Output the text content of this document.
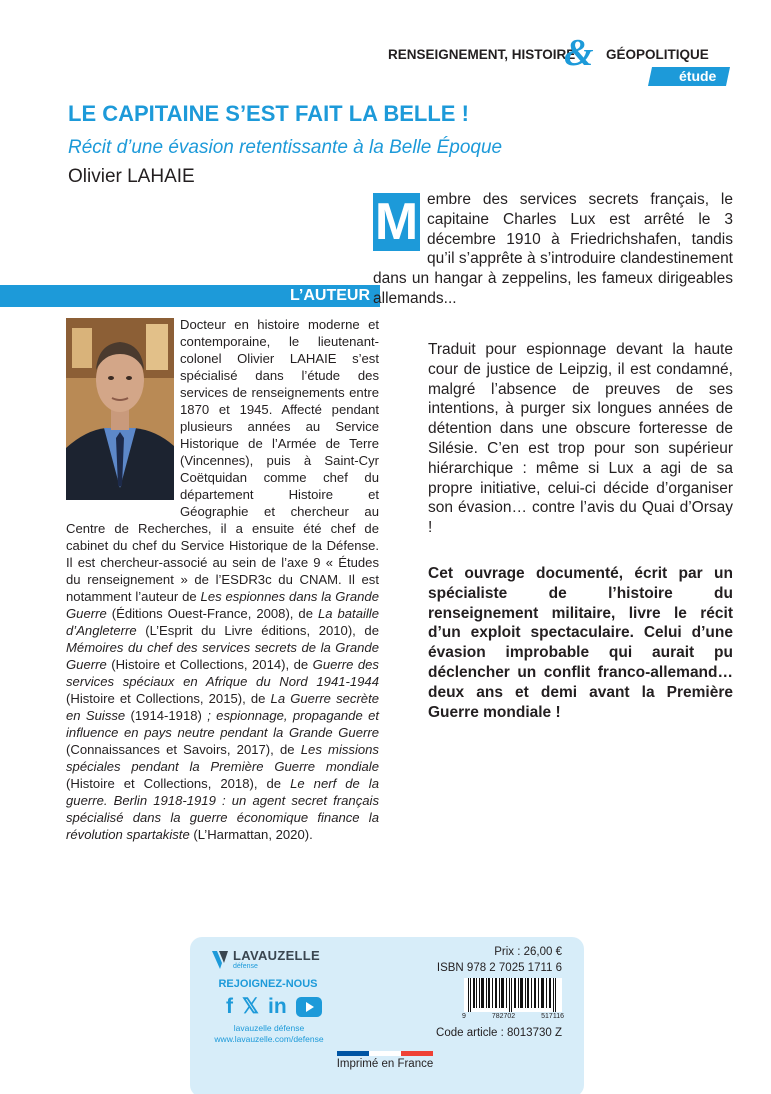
RENSEIGNEMENT, HISTOIRE GÉOPOLITIQUE
&
étude
LE CAPITAINE S’EST FAIT LA BELLE !
Récit d’une évasion retentissante à la Belle Époque
Olivier LAHAIE
L’AUTEUR
Docteur en histoire moderne et contemporaine, le lieutenant-colonel Olivier LAHAIE s’est spécialisé dans l’étude des services de renseignements entre 1870 et 1945. Affecté pendant plusieurs années au Service Historique de l’Armée de Terre (Vincennes), puis à Saint-Cyr Coëtquidan comme chef du département Histoire et Géographie et chercheur au Centre de Recherches, il a ensuite été chef de cabinet du chef du Service Historique de la Défense. Il est chercheur-associé au sein de l’axe 9 « Études du renseignement » de l’ESDR3c du CNAM. Il est notamment l’auteur de Les espionnes dans la Grande Guerre (Éditions Ouest-France, 2008), de La bataille d’Angleterre (L’Esprit du Livre éditions, 2010), de Mémoires du chef des services secrets de la Grande Guerre (Histoire et Collections, 2014), de Guerre des services spéciaux en Afrique du Nord 1941-1944 (Histoire et Collections, 2015), de La Guerre secrète en Suisse (1914-1918) ; espionnage, propagande et influence en pays neutre pendant la Grande Guerre (Connaissances et Savoirs, 2017), de Les missions spéciales pendant la Première Guerre mondiale (Histoire et Collections, 2018), de Le nerf de la guerre. Berlin 1918-1919 : un agent secret français spécialisé dans la guerre économique finance la révolution spartakiste (L’Harmattan, 2020).
embre des services secrets français, le capitaine Charles Lux est arrêté le 3 décembre 1910 à Friedrichshafen, tandis qu’il s’apprête à s’introduire clandestinement dans un hangar à zeppelins, les fameux dirigeables allemands...
M
Traduit pour espionnage devant la haute cour de justice de Leipzig, il est condamné, malgré l’absence de preuves de ses intentions, à purger six longues années de détention dans une obscure forteresse de Silésie. C’en est trop pour son supérieur hiérarchique : même si Lux a agi de sa propre initiative, celui-ci décide d’organiser son évasion… contre l’avis du Quai d’Orsay !
Cet ouvrage documenté, écrit par un spécialiste de l’histoire du renseignement militaire, livre le récit d’un exploit spectaculaire. Celui d’une évasion improbable qui aurait pu déclencher un conflit franco-allemand… deux ans et demi avant la Première Guerre mondiale !
LAVAUZELLE
défense
REJOIGNEZ-NOUS
f 𝕏 in
lavauzelle défense
www.lavauzelle.com/defense
Prix : 26,00 €
ISBN 978 2 7025 1711 6
9	782702	517116
Code article : 8013730 Z
Imprimé en France
